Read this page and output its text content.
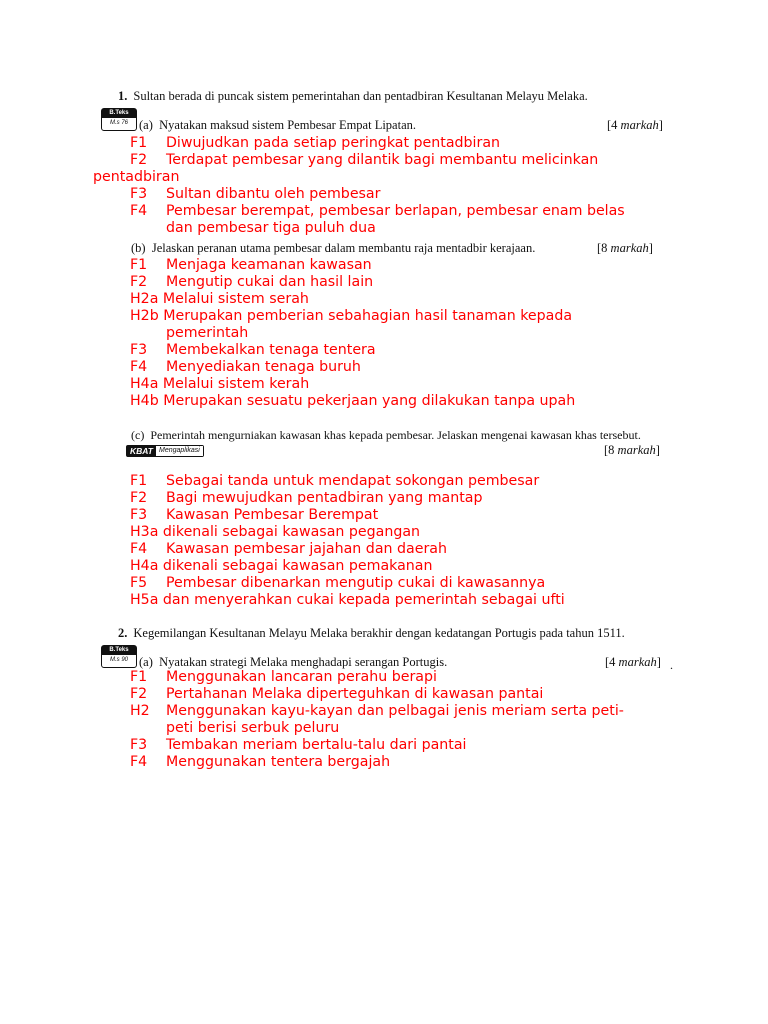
1. Sultan berada di puncak sistem pemerintahan dan pentadbiran Kesultanan Melayu Melaka.
B.Teks
M.s 76 (a) Nyatakan maksud sistem Pembesar Empat Lipatan.	[4 markah]
F1 Diwujudkan pada setiap peringkat pentadbiran
F2 Terdapat pembesar yang dilantik bagi membantu melicinkan
pentadbiran
F3 Sultan dibantu oleh pembesar
F4 Pembesar berempat, pembesar berlapan, pembesar enam belas
dan pembesar tiga puluh dua
(b) Jelaskan peranan utama pembesar dalam membantu raja mentadbir kerajaan.	[8 markah]
F1 Menjaga keamanan kawasan
F2 Mengutip cukai dan hasil lain
H2a Melalui sistem serah
H2b Merupakan pemberian sebahagian hasil tanaman kepada
pemerintah
F3 Membekalkan tenaga tentera
F4 Menyediakan tenaga buruh
H4a Melalui sistem kerah
H4b Merupakan sesuatu pekerjaan yang dilakukan tanpa upah
(c) Pemerintah mengurniakan kawasan khas kepada pembesar. Jelaskan mengenai kawasan khas tersebut.
KBAT Mengaplikasi	[8 markah]
F1 Sebagai tanda untuk mendapat sokongan pembesar
F2 Bagi mewujudkan pentadbiran yang mantap
F3 Kawasan Pembesar Berempat
H3a dikenali sebagai kawasan pegangan
F4 Kawasan pembesar jajahan dan daerah
H4a dikenali sebagai kawasan pemakanan
F5 Pembesar dibenarkan mengutip cukai di kawasannya
H5a dan menyerahkan cukai kepada pemerintah sebagai ufti
2. Kegemilangan Kesultanan Melayu Melaka berakhir dengan kedatangan Portugis pada tahun 1511.
B.Teks
M.s 90 (a) Nyatakan strategi Melaka menghadapi serangan Portugis.	[4 markah] .
F1 Menggunakan lancaran perahu berapi
F2 Pertahanan Melaka diperteguhkan di kawasan pantai
H2 Menggunakan kayu-kayan dan pelbagai jenis meriam serta peti-
peti berisi serbuk peluru
F3 Tembakan meriam bertalu-talu dari pantai
F4 Menggunakan tentera bergajah
